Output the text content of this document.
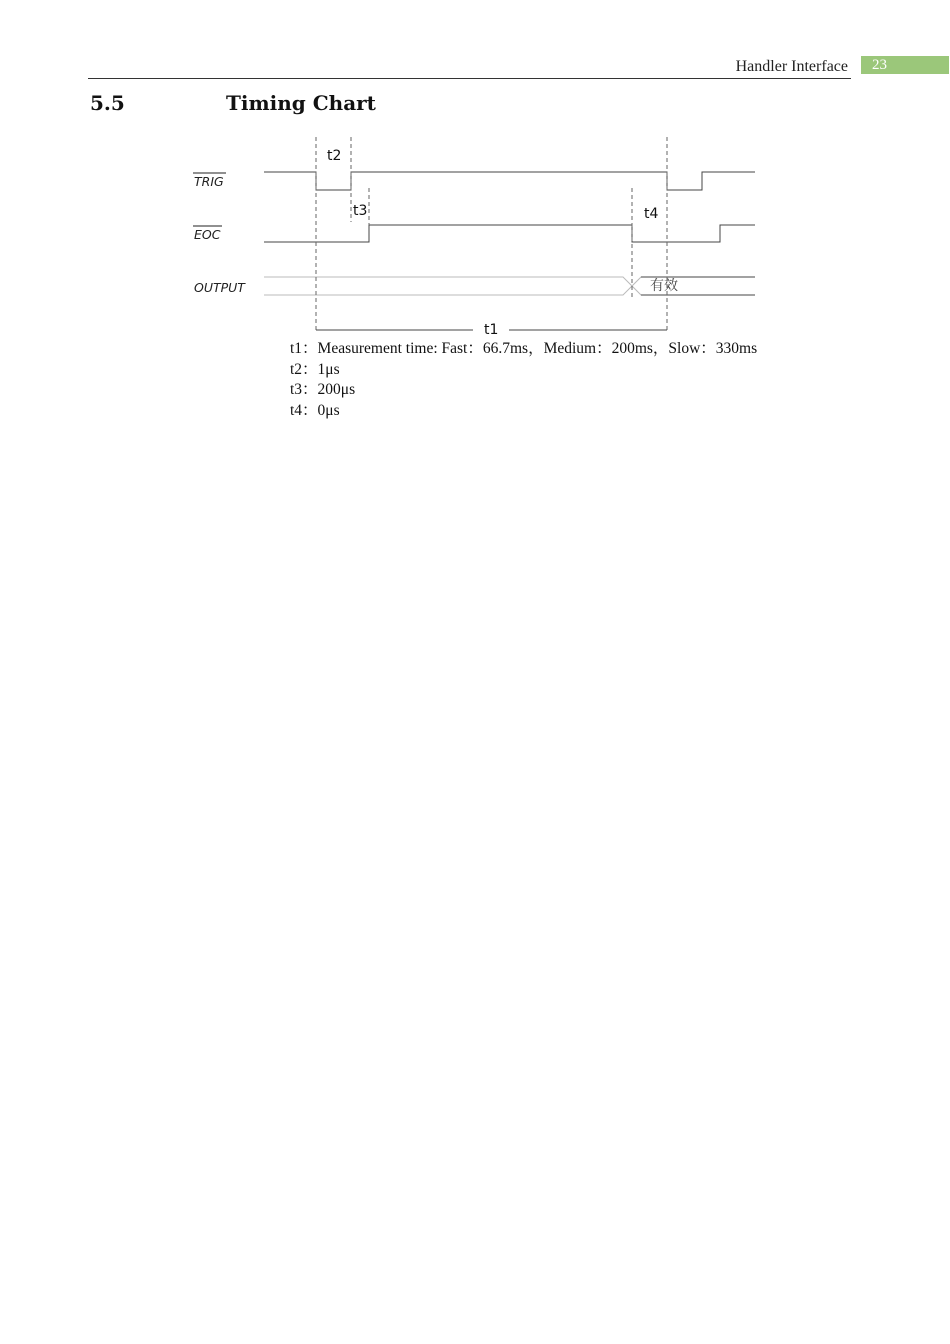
Handler Interface	23
5.5	Timing Chart
TRIG
EOC
OUTPUT	有效
t2
t3	t4
t1
t1：Measurement time: Fast：66.7ms，Medium：200ms，Slow：330ms
t2：1μs
t3：200μs
t4：0μs
